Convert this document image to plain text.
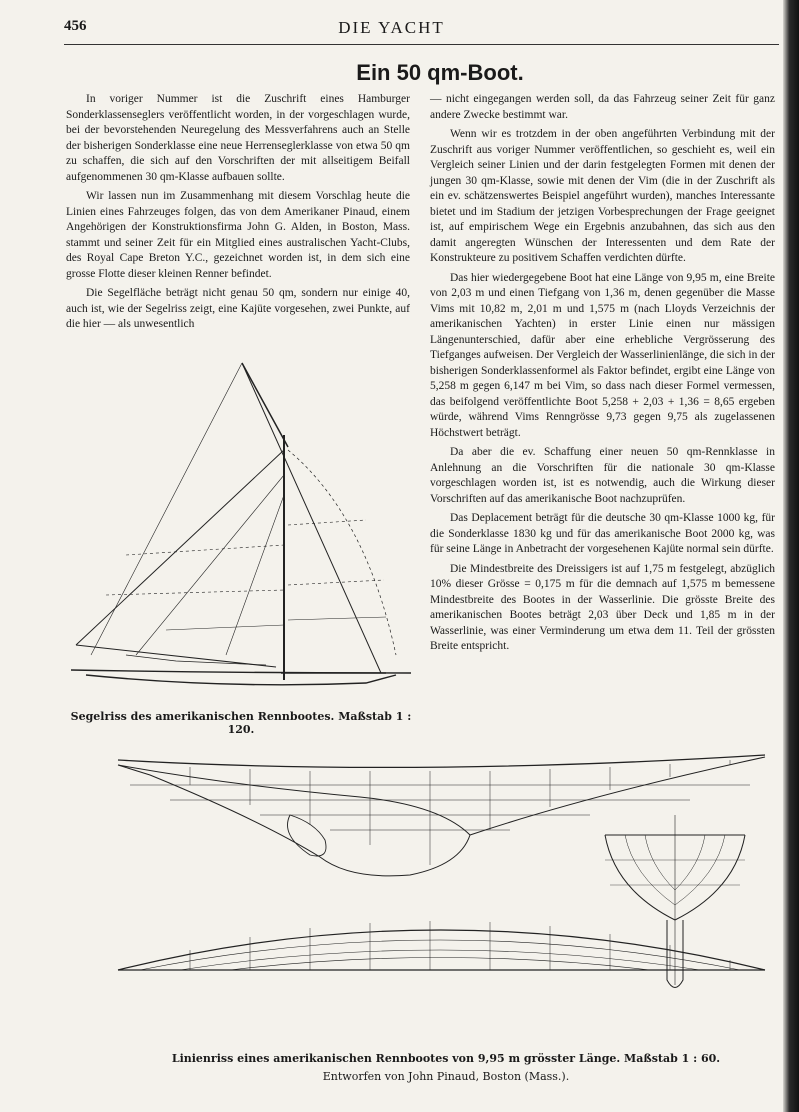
456	DIE YACHT
Ein 50 qm-Boot.

In voriger Nummer ist die Zuschrift eines Hamburger Sonderklassenseglers veröffentlicht worden, in der vorgeschlagen wurde, bei der bevorstehenden Neuregelung des Messverfahrens auch an Stelle der bisherigen Sonderklasse eine neue Herrenseglerklasse von etwa 50 qm zu schaffen, die sich auf den Vorschriften der mit allseitigem Beifall aufgenommenen 30 qm-Klasse aufbauen sollte.

Wir lassen nun im Zusammenhang mit diesem Vorschlag heute die Linien eines Fahrzeuges folgen, das von dem Amerikaner Pinaud, einem Angehörigen der Konstruktionsfirma John G. Alden, in Boston, Mass. stammt und seiner Zeit für ein Mitglied eines australischen Yacht-Clubs, des Royal Cape Breton Y.C., gezeichnet worden ist, in dem sich eine grosse Flotte dieser kleinen Renner befindet.

Die Segelfläche beträgt nicht genau 50 qm, sondern nur einige 40, auch ist, wie der Segelriss zeigt, eine Kajüte vorgesehen, zwei Punkte, auf die hier — als unwesentlich

— nicht eingegangen werden soll, da das Fahrzeug seiner Zeit für ganz andere Zwecke bestimmt war.

Wenn wir es trotzdem in der oben angeführten Verbindung mit der Zuschrift aus voriger Nummer veröffentlichen, so geschieht es, weil ein Vergleich seiner Linien und der darin festgelegten Formen mit denen der jungen 30 qm-Klasse, sowie mit denen der Vim (die in der Zuschrift als ein ev. schätzenswertes Beispiel angeführt wurden), manches Interessante bietet und im Stadium der jetzigen Vorbesprechungen der Frage geeignet ist, auf empirischem Wege ein Ergebnis anzubahnen, das sich aus den damit angeregten Wünschen der Interessenten und dem Rate der Konstrukteure zu positivem Schaffen verdichten dürfte.

Das hier wiedergegebene Boot hat eine Länge von 9,95 m, eine Breite von 2,03 m und einen Tiefgang von 1,36 m, denen gegenüber die Masse Vims mit 10,82 m, 2,01 m und 1,575 m (nach Lloyds Verzeichnis der amerikanischen Yachten) in erster Linie einen nur mässigen Längenunterschied, dafür aber eine erhebliche Vergrösserung des Tiefganges aufweisen. Der Vergleich der Wasserlinienlänge, die sich in der bisherigen Sonderklassenformel als Faktor befindet, ergibt eine Länge von 5,258 m gegen 6,147 m bei Vim, so dass nach dieser Formel vermessen, das beifolgend veröffentlichte Boot 5,258 + 2,03 + 1,36 = 8,65 ergeben würde, während Vims Renngrösse 9,73 gegen 9,75 als zugelassenen Höchstwert beträgt.

Da aber die ev. Schaffung einer neuen 50 qm-Rennklasse in Anlehnung an die Vorschriften für die nationale 30 qm-Klasse vorgeschlagen worden ist, ist es notwendig, auch die Wirkung dieser Vorschriften auf das amerikanische Boot nachzuprüfen.

Das Deplacement beträgt für die deutsche 30 qm-Klasse 1000 kg, für die Sonderklasse 1830 kg und für das amerikanische Boot 2000 kg, was für seine Länge in Anbetracht der vorgesehenen Kajüte normal sein dürfte.

Die Mindestbreite des Dreissigers ist auf 1,75 m festgelegt, abzüglich 10% dieser Grösse = 0,175 m für die demnach auf 1,575 m bemessene Mindestbreite des Bootes in der Wasserlinie. Die grösste Breite des amerikanischen Bootes beträgt 2,03 über Deck und 1,85 m in der Wasserlinie, was einer Verminderung um etwa dem 11. Teil der grössten Breite entspricht.

Segelriss des amerikanischen Rennbootes. Maßstab 1 : 120.
Linienriss eines amerikanischen Rennbootes von 9,95 m grösster Länge. Maßstab 1 : 60.
Entworfen von John Pinaud, Boston (Mass.).
